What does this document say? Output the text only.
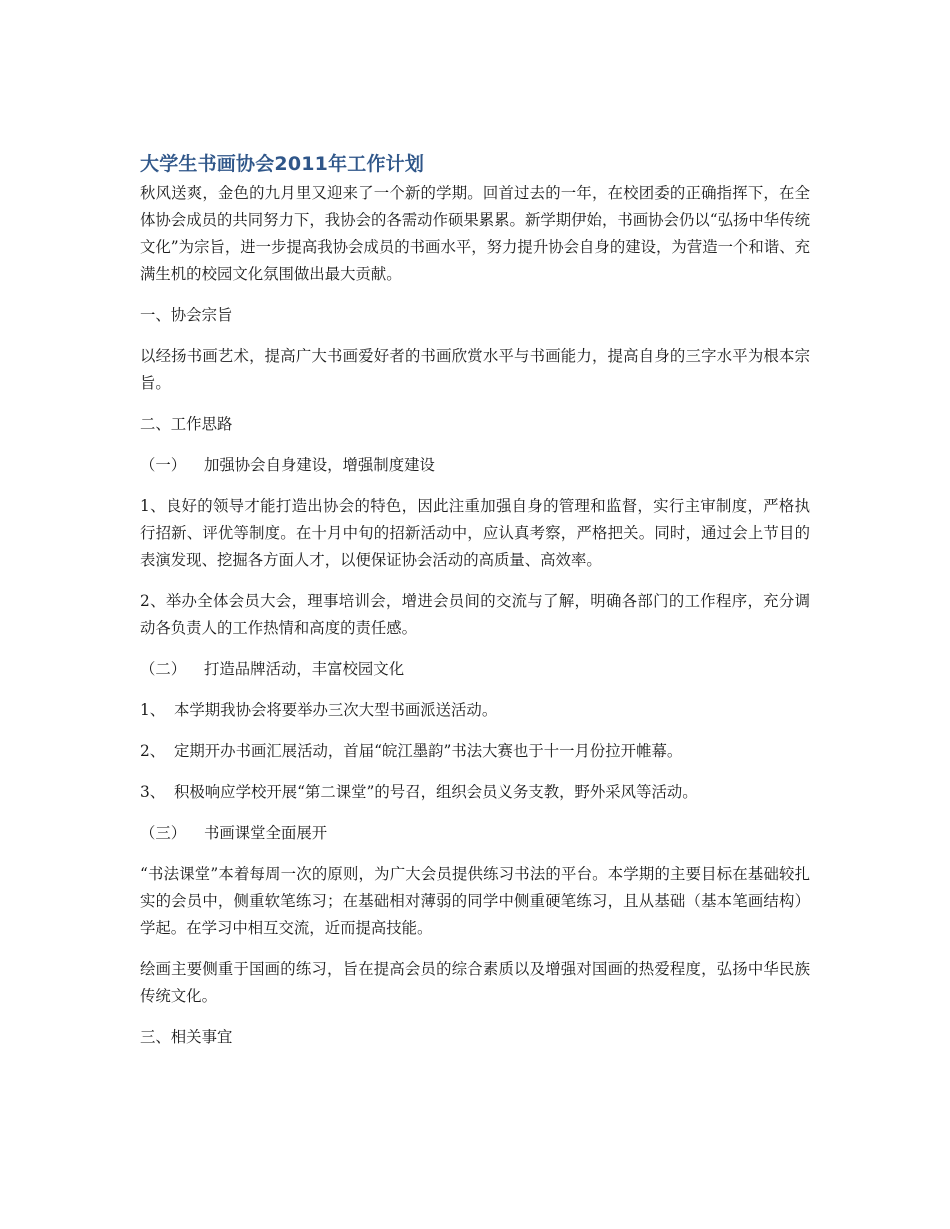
大学生书画协会2011年工作计划

秋风送爽，金色的九月里又迎来了一个新的学期。回首过去的一年，在校团委的正确指挥下，在全体协会成员的共同努力下，我协会的各需动作硕果累累。新学期伊始，书画协会仍以“弘扬中华传统文化”为宗旨，进一步提高我协会成员的书画水平，努力提升协会自身的建设，为营造一个和谐、充满生机的校园文化氛围做出最大贡献。

一、协会宗旨

以经扬书画艺术，提高广大书画爱好者的书画欣赏水平与书画能力，提高自身的三字水平为根本宗旨。

二、工作思路

（一） 加强协会自身建设，增强制度建设

1、良好的领导才能打造出协会的特色，因此注重加强自身的管理和监督，实行主审制度，严格执行招新、评优等制度。在十月中旬的招新活动中，应认真考察，严格把关。同时，通过会上节目的表演发现、挖掘各方面人才，以便保证协会活动的高质量、高效率。

2、举办全体会员大会，理事培训会，增进会员间的交流与了解，明确各部门的工作程序，充分调动各负责人的工作热情和高度的责任感。

（二） 打造品牌活动，丰富校园文化

1、 本学期我协会将要举办三次大型书画派送活动。

2、 定期开办书画汇展活动，首届“皖江墨韵”书法大赛也于十一月份拉开帷幕。

3、 积极响应学校开展“第二课堂”的号召，组织会员义务支教，野外采风等活动。

（三） 书画课堂全面展开

“书法课堂”本着每周一次的原则，为广大会员提供练习书法的平台。本学期的主要目标在基础较扎实的会员中，侧重软笔练习；在基础相对薄弱的同学中侧重硬笔练习，且从基础（基本笔画结构）学起。在学习中相互交流，近而提高技能。

绘画主要侧重于国画的练习，旨在提高会员的综合素质以及增强对国画的热爱程度，弘扬中华民族传统文化。

三、相关事宜
